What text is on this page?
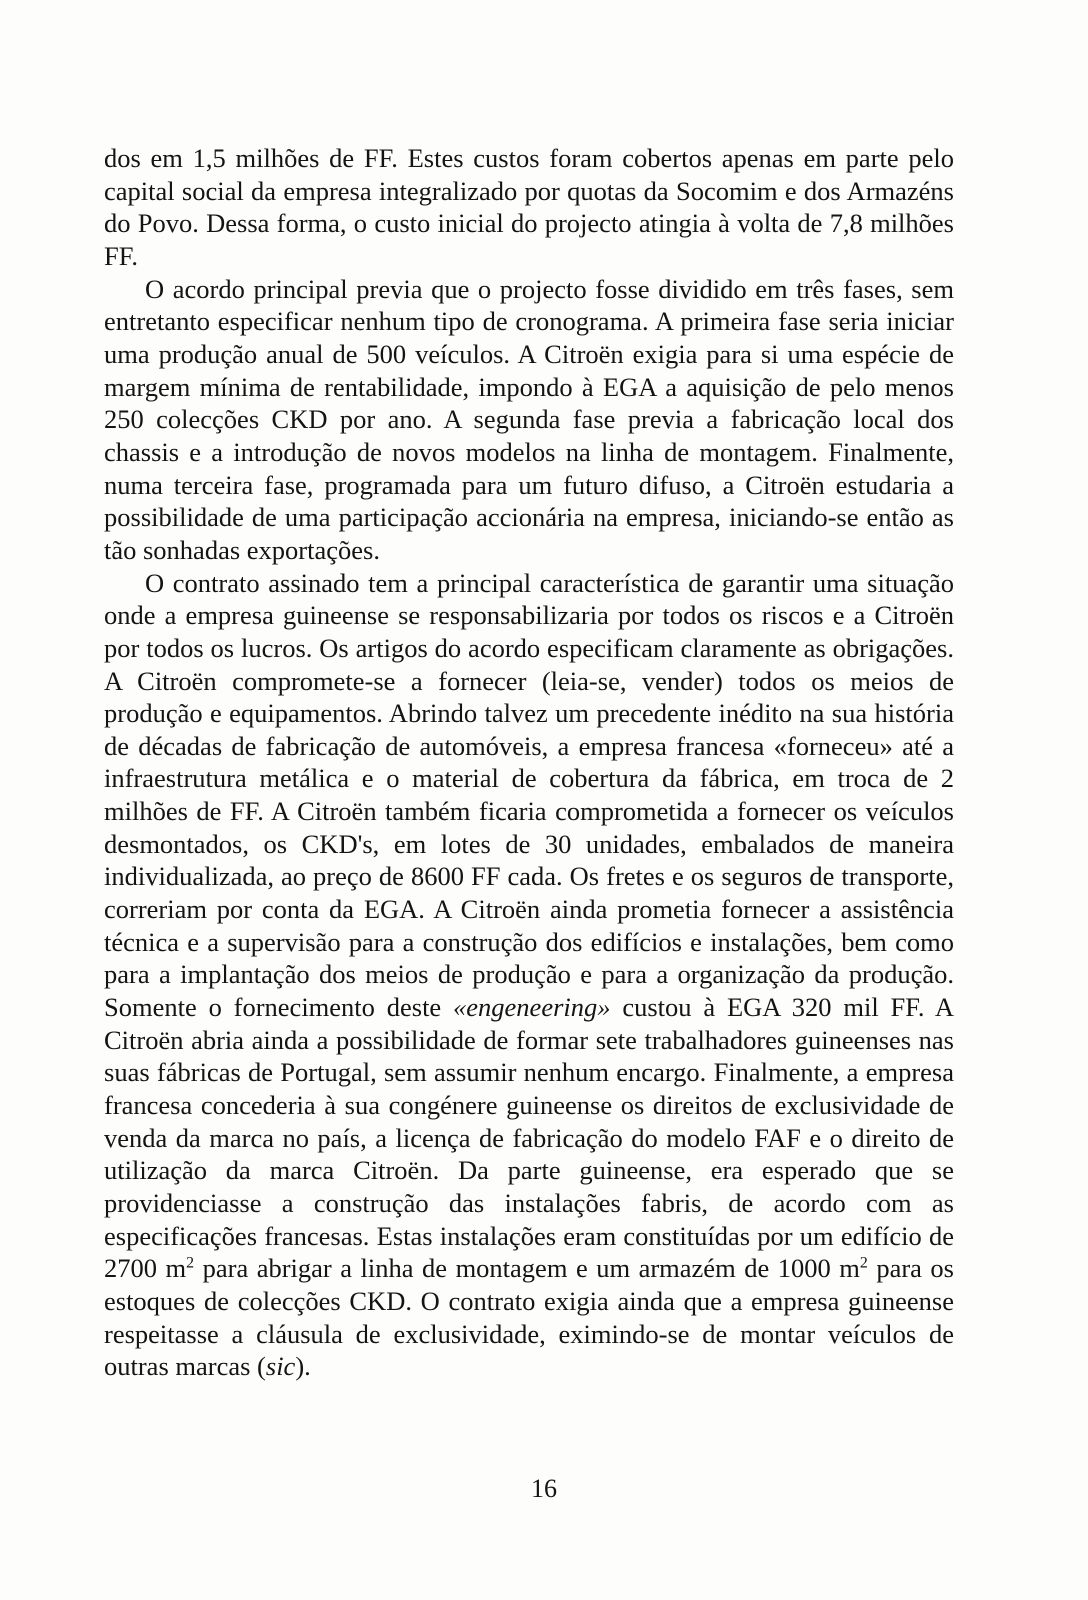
dos em 1,5 milhões de FF. Estes custos foram cobertos apenas em parte pelo capital social da empresa integralizado por quotas da Socomim e dos Armazéns do Povo. Dessa forma, o custo inicial do projecto atingia à volta de 7,8 milhões FF.

O acordo principal previa que o projecto fosse dividido em três fases, sem entretanto especificar nenhum tipo de cronograma. A primeira fase seria iniciar uma produção anual de 500 veículos. A Citroën exigia para si uma espécie de margem mínima de rentabilidade, impondo à EGA a aquisição de pelo menos 250 colecções CKD por ano. A segunda fase previa a fabricação local dos chassis e a introdução de novos modelos na linha de montagem. Finalmente, numa terceira fase, programada para um futuro difuso, a Citroën estudaria a possibilidade de uma participação accionária na empresa, iniciando-se então as tão sonhadas exportações.

O contrato assinado tem a principal característica de garantir uma situação onde a empresa guineense se responsabilizaria por todos os riscos e a Citroën por todos os lucros. Os artigos do acordo especificam claramente as obrigações. A Citroën compromete-se a fornecer (leia-se, vender) todos os meios de produção e equipamentos. Abrindo talvez um precedente inédito na sua história de décadas de fabricação de automóveis, a empresa francesa «forneceu» até a infraestrutura metálica e o material de cobertura da fábrica, em troca de 2 milhões de FF. A Citroën também ficaria comprometida a fornecer os veículos desmontados, os CKD's, em lotes de 30 unidades, embalados de maneira individualizada, ao preço de 8600 FF cada. Os fretes e os seguros de transporte, correriam por conta da EGA. A Citroën ainda prometia fornecer a assistência técnica e a supervisão para a construção dos edifícios e instalações, bem como para a implantação dos meios de produção e para a organização da produção. Somente o fornecimento deste «engeneering» custou à EGA 320 mil FF. A Citroën abria ainda a possibilidade de formar sete trabalhadores guineenses nas suas fábricas de Portugal, sem assumir nenhum encargo. Finalmente, a empresa francesa concederia à sua congénere guineense os direitos de exclusividade de venda da marca no país, a licença de fabricação do modelo FAF e o direito de utilização da marca Citroën. Da parte guineense, era esperado que se providenciasse a construção das instalações fabris, de acordo com as especificações francesas. Estas instalações eram constituídas por um edifício de 2700 $m^2$ para abrigar a linha de montagem e um armazém de 1000 $m^2$ para os estoques de colecções CKD. O contrato exigia ainda que a empresa guineense respeitasse a cláusula de exclusividade, eximindo-se de montar veículos de outras marcas (sic).

16
